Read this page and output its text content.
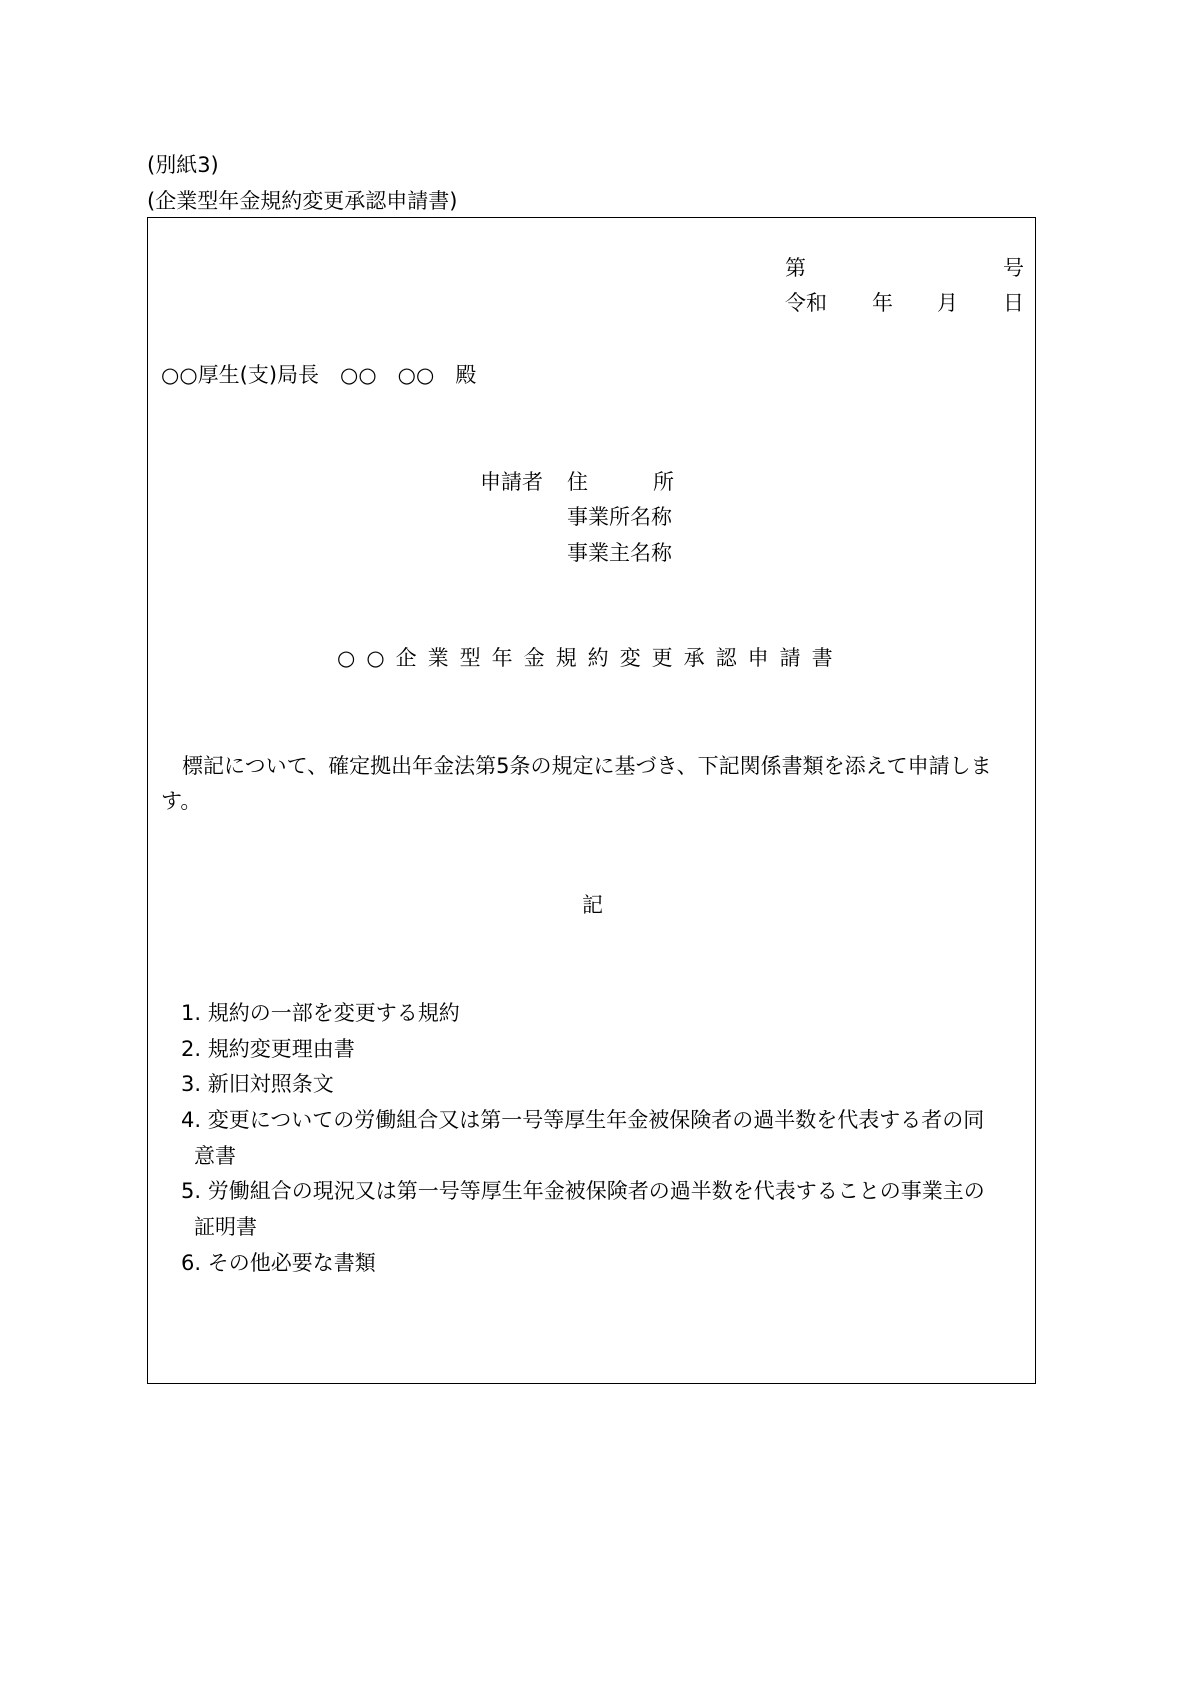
(別紙3)
(企業型年金規約変更承認申請書)
第	号
令和 年 月 日
○○厚生(支)局長　○○　○○　殿
申請者 住	所
事業所名称
事業主名称
○○企業型年金規約変更承認申請書
　標記について、確定拠出年金法第5条の規定に基づき、下記関係書類を添えて申請しま
す。
記
1. 規約の一部を変更する規約
2. 規約変更理由書
3. 新旧対照条文
4. 変更についての労働組合又は第一号等厚生年金被保険者の過半数を代表する者の同
意書
5. 労働組合の現況又は第一号等厚生年金被保険者の過半数を代表することの事業主の
証明書
6. その他必要な書類
